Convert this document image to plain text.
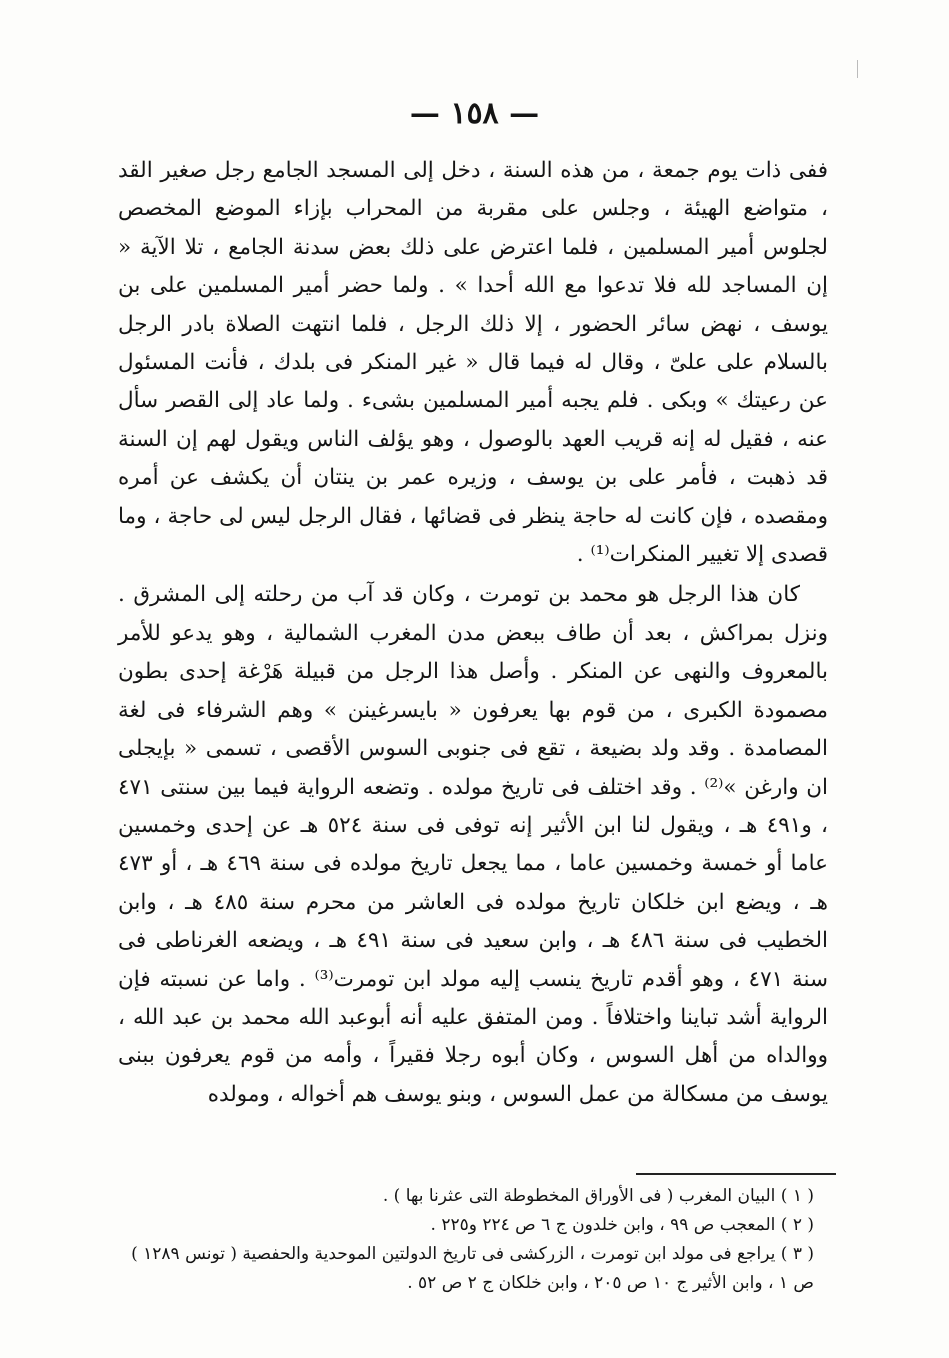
— ١٥٨ —

ففى ذات يوم جمعة ، من هذه السنة ، دخل إلى المسجد الجامع رجل صغير القد ، متواضع الهيئة ، وجلس على مقربة من المحراب بإزاء الموضع المخصص لجلوس أمير المسلمين ، فلما اعترض على ذلك بعض سدنة الجامع ، تلا الآية « إن المساجد لله فلا تدعوا مع الله أحدا » . ولما حضر أمير المسلمين على بن يوسف ، نهض سائر الحضور ، إلا ذلك الرجل ، فلما انتهت الصلاة بادر الرجل بالسلام على علىّ ، وقال له فيما قال « غير المنكر فى بلدك ، فأنت المسئول عن رعيتك » وبكى . فلم يجبه أمير المسلمين بشىء . ولما عاد إلى القصر سأل عنه ، فقيل له إنه قريب العهد بالوصول ، وهو يؤلف الناس ويقول لهم إن السنة قد ذهبت ، فأمر على بن يوسف ، وزيره عمر بن ينتان أن يكشف عن أمره ومقصده ، فإن كانت له حاجة ينظر فى قضائها ، فقال الرجل ليس لى حاجة ، وما قصدى إلا تغيير المنكرات⁽¹⁾ .

كان هذا الرجل هو محمد بن تومرت ، وكان قد آب من رحلته إلى المشرق . ونزل بمراكش ، بعد أن طاف ببعض مدن المغرب الشمالية ، وهو يدعو للأمر بالمعروف والنهى عن المنكر . وأصل هذا الرجل من قبيلة هَرْغة إحدى بطون مصمودة الكبرى ، من قوم بها يعرفون « بايسرغينن » وهم الشرفاء فى لغة المصامدة . وقد ولد بضيعة ، تقع فى جنوبى السوس الأقصى ، تسمى « بإيجلى ان وارغن »⁽²⁾ . وقد اختلف فى تاريخ مولده . وتضعه الرواية فيما بين سنتى ٤٧١ ، و٤٩١ هـ ، ويقول لنا ابن الأثير إنه توفى فى سنة ٥٢٤ هـ عن إحدى وخمسين عاما أو خمسة وخمسين عاما ، مما يجعل تاريخ مولده فى سنة ٤٦٩ هـ ، أو ٤٧٣ هـ ، ويضع ابن خلكان تاريخ مولده فى العاشر من محرم سنة ٤٨٥ هـ ، وابن الخطيب فى سنة ٤٨٦ هـ ، وابن سعيد فى سنة ٤٩١ هـ ، ويضعه الغرناطى فى سنة ٤٧١ ، وهو أقدم تاريخ ينسب إليه مولد ابن تومرت⁽³⁾ . واما عن نسبته فإن الرواية أشد تباينا واختلافاً . ومن المتفق عليه أنه أبوعبد الله محمد بن عبد الله ، ووالداه من أهل السوس ، وكان أبوه رجلا فقيراً ، وأمه من قوم يعرفون ببنى يوسف من مسكالة من عمل السوس ، وبنو يوسف هم أخواله ، ومولده

( ١ ) البيان المغرب ( فى الأوراق المخطوطة التى عثرنا بها ) .

( ٢ ) المعجب ص ٩٩ ، وابن خلدون ج ٦ ص ٢٢٤ و٢٢٥ .

( ٣ ) يراجع فى مولد ابن تومرت ، الزركشى فى تاريخ الدولتين الموحدية والحفصية ( تونس ١٢٨٩ ) ص ١ ، وابن الأثير ج ١٠ ص ٢٠٥ ، وابن خلكان ج ٢ ص ٥٢ .
